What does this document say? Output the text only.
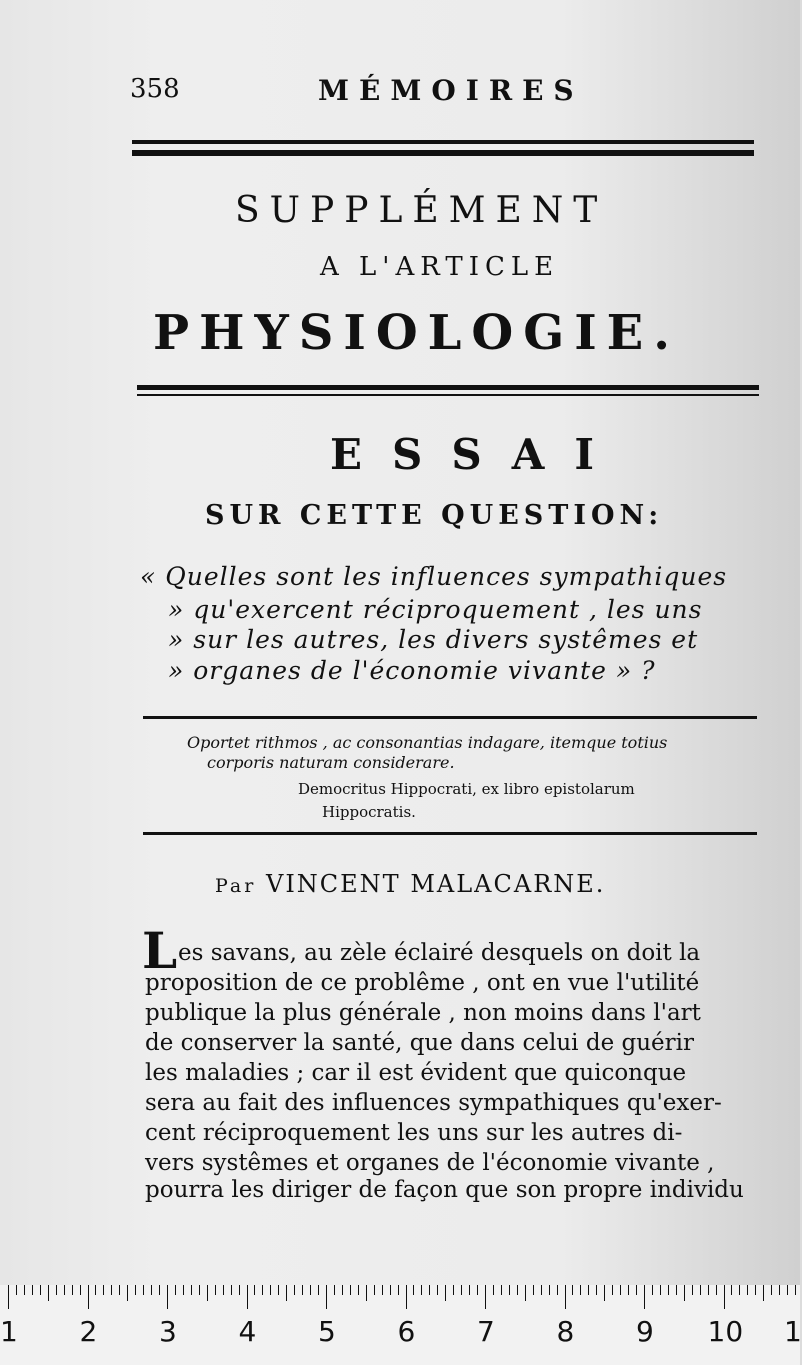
358	MÉMOIRES
SUPPLÉMENT
A L'ARTICLE
PHYSIOLOGIE.
ESSAI
SUR CETTE QUESTION:
« Quelles sont les influences sympathiques
» qu'exercent réciproquement , les uns
» sur les autres, les divers systêmes et
» organes de l'économie vivante » ?
Oportet rithmos , ac consonantias indagare, itemque totius
corporis naturam considerare.
Democritus Hippocrati, ex libro epistolarum
Hippocratis.
Par VINCENT MALACARNE.
L es savans, au zèle éclairé desquels on doit la
proposition de ce problême , ont en vue l'utilité
publique la plus générale , non moins dans l'art
de conserver la santé, que dans celui de guérir
les maladies ; car il est évident que quiconque
sera au fait des influences sympathiques qu'exer-
cent réciproquement les uns sur les autres di-
vers systêmes et organes de l'économie vivante ,
pourra les diriger de façon que son propre individu
1 2 3 4 5 6 7 8 9 10 1
